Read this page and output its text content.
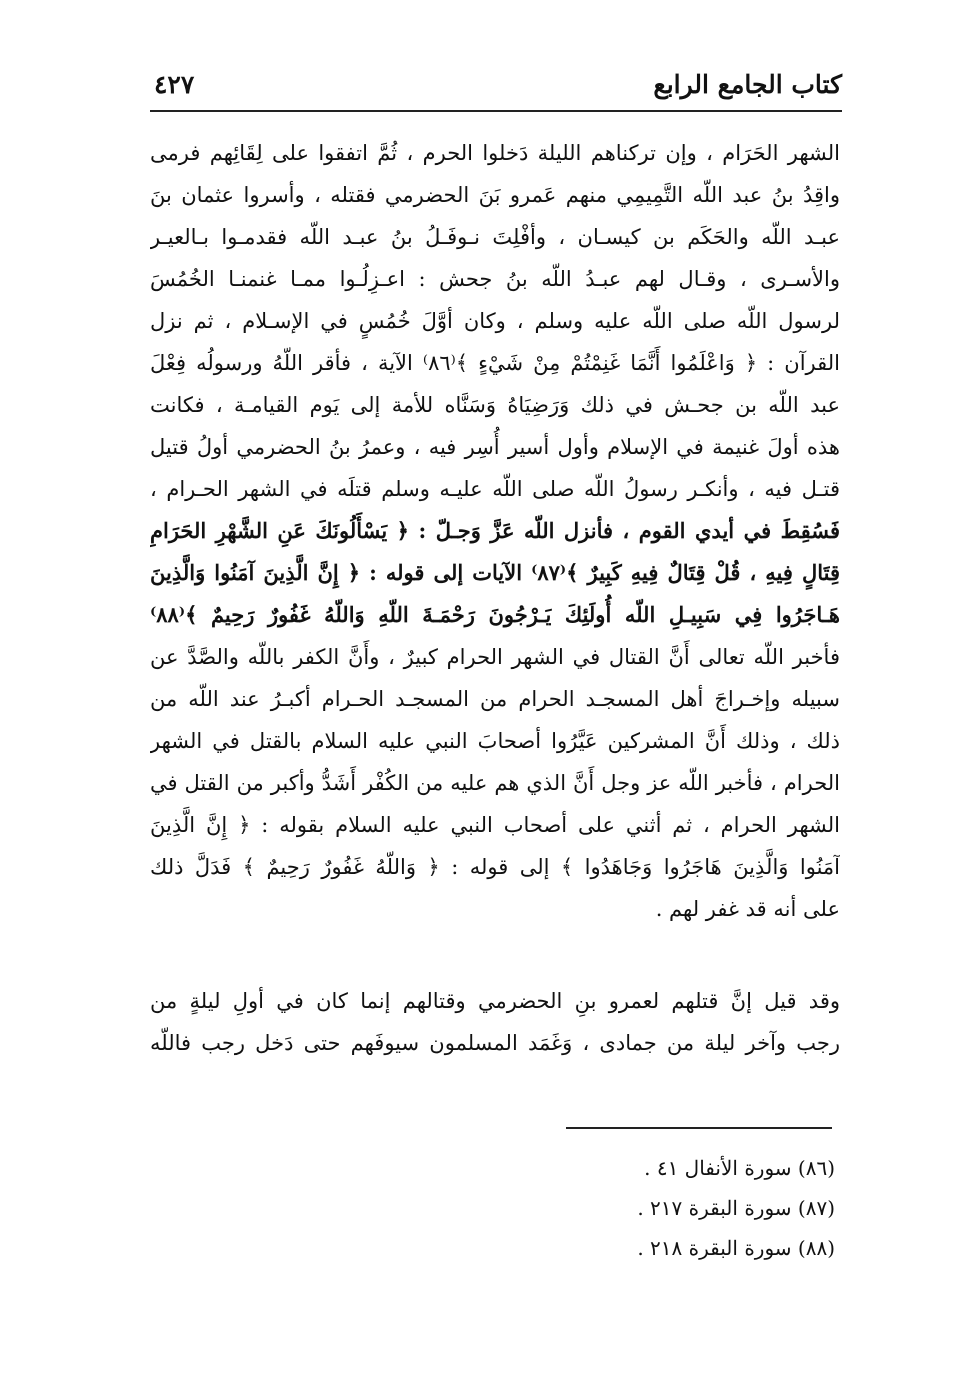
كتاب الجامع الرابع
٤٢٧
الشهر الحَرَام ، وإن تركناهم الليلة دَخلوا الحرم ، ثُمَّ اتفقوا على لِقَائِهم فرمى
واقِدُ بنُ عبد اللّه التَّمِيمِي منهم عَمرو بَنَ الحضرمي فقتله ، وأسروا عثمان بنَ
عبـد اللّه والحَكَم بن كيسـان ، وأفْلِتَ نـوفَـلُ بنُ عبـد اللّه فقدمـوا بـالعيـر
والأسـرى ، وقـال لهم عبـدُ اللّه بنُ جحش : اعـزِلُـوا ممـا غنمنـا الخُمُسَ
لرسول اللّه صلى اللّه عليه وسلم ، وكان أوَّلَ خُمُسٍ في الإسـلام ، ثم نزل
القرآن : ﴿ وَاعْلَمُوا أَنَّمَا غَنِمْتُمْ مِنْ شَيْءٍ ﴾⁽٨٦⁾ الآية ، فأقر اللّهُ ورسولُه فِعْلَ
عبد اللّه بن جحـش في ذلك وَرَضِيَاهُ وَسَنَّاه للأمة إلى يَوم القيامـة ، فكانت
هذه أولَ غنيمة في الإسلام وأول أسير أُسِر فيه ، وعمرُ بنُ الحضرمي أولُ قتيل
قتـل فيه ، وأنكـر رسولُ اللّه صلى اللّه عليـه وسلم قتلَه في الشهر الحـرام ،
فَسُقِطَ في أيدي القوم ، فأنزل اللّه عَزَّ وَجـلّ : ﴿ يَسْأَلُونَكَ عَنِ الشَّهْرِ الحَرَامِ
قِتَالٍ فِيهِ ، قُلْ قِتَالٌ فِيهِ كَبِيرٌ ﴾⁽٨٧⁾ الآيات إلى قوله : ﴿ إِنَّ الَّذِينَ آمَنُوا وَالَّذِينَ
هَـاجَرُوا فِي سَبِيـلِ اللّه أُولَئِكَ يَـرْجُونَ رَحْمَـةَ اللّهِ وَاللّهُ غَفُورٌ رَحِيمٌ ﴾⁽٨٨⁾
فأخبر اللّه تعالى أَنَّ القتال في الشهر الحرام كبيرٌ ، وأَنَّ الكفر باللّه والصَّدَّ عن
سبيله وإخـراجَ أهل المسجـد الحرام من المسجـد الحـرام أكبـرُ عند اللّه من
ذلك ، وذلك أَنَّ المشركين عَيَّرُوا أصحابَ النبي عليه السلام بالقتل في الشهر
الحرام ، فأخبر اللّه عز وجل أَنَّ الذي هم عليه من الكُفْر أَشَدُّ وأكبر من القتل في
الشهر الحرام ، ثم أثني على أصحاب النبي عليه السلام بقوله : ﴿ إِنَّ الَّذِينَ
آمَنُوا وَالَّذِينَ هَاجَرُوا وَجَاهَدُوا ﴾ إلى قوله : ﴿ وَاللّهُ غَفُورٌ رَحِيمٌ ﴾ فَدَلَّ ذلك
على أنه قد غفر لهم .
وقد قيل إنَّ قتلهم لعمرو بنِ الحضرمي وقتالهم إنما كان في أولِ ليلةٍ من
رجب وآخر ليلة من جمادى ، وَغَمَد المسلمون سيوفَهم حتى دَخل رجب فاللّه
(٨٦) سورة الأنفال ٤١ .
(٨٧) سورة البقرة ٢١٧ .
(٨٨) سورة البقرة ٢١٨ .
